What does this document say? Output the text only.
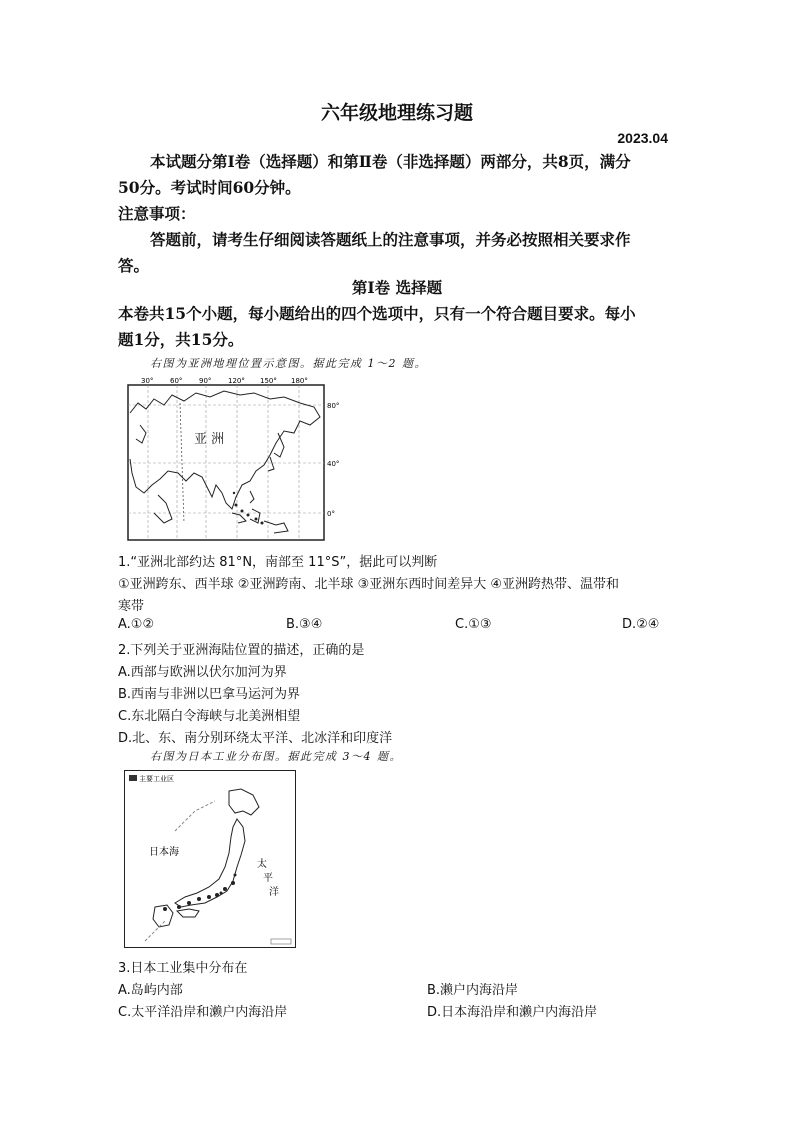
六年级地理练习题
2023.04
本试题分第Ⅰ卷（选择题）和第Ⅱ卷（非选择题）两部分，共8页，满分
50分。考试时间60分钟。
注意事项：
答题前，请考生仔细阅读答题纸上的注意事项，并务必按照相关要求作
答。
第Ⅰ卷 选择题
本卷共15个小题，每小题给出的四个选项中，只有一个符合题目要求。每小
题1分，共15分。
右图为亚洲地理位置示意图。据此完成 1～2 题。
30° 60° 90° 120° 150° 180°
80°
40°
0°
亚 洲
1.“亚洲北部约达 81°N，南部至 11°S”，据此可以判断
①亚洲跨东、西半球 ②亚洲跨南、北半球 ③亚洲东西时间差异大 ④亚洲跨热带、温带和
寒带
A.①②	B.③④	C.①③	D.②④
2.下列关于亚洲海陆位置的描述，正确的是
A.西部与欧洲以伏尔加河为界
B.西南与非洲以巴拿马运河为界
C.东北隔白令海峡与北美洲相望
D.北、东、南分别环绕太平洋、北冰洋和印度洋
右图为日本工业分布图。据此完成 3～4 题。
主要工业区
日本海
太
平
洋
3.日本工业集中分布在
A.岛屿内部	B.濑户内海沿岸
C.太平洋沿岸和濑户内海沿岸	D.日本海沿岸和濑户内海沿岸
